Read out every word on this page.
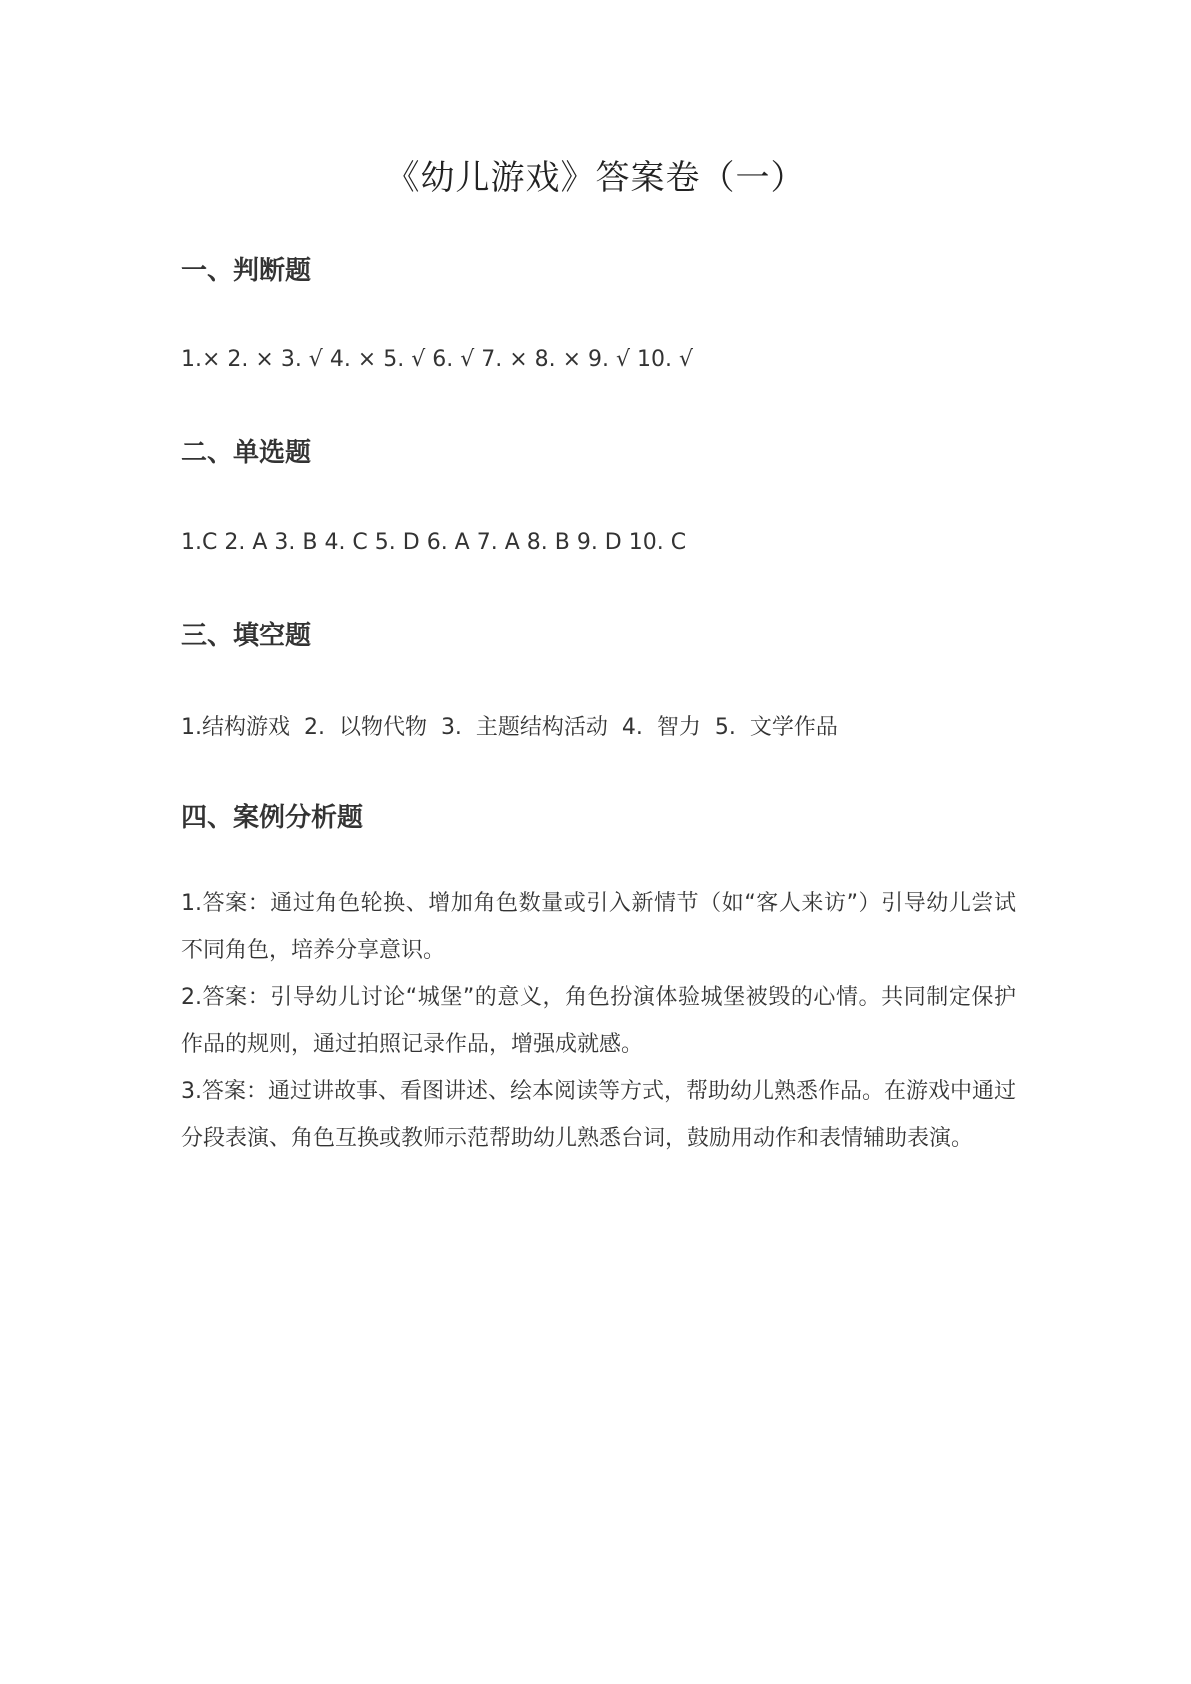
《幼儿游戏》答案卷（一）
一、判断题

1.× 2. × 3. √ 4. × 5. √ 6. √ 7. × 8. × 9. √ 10. √

二、单选题

1.C 2. A 3. B 4. C 5. D 6. A 7. A 8. B 9. D 10. C

三、填空题

1.结构游戏  2.  以物代物  3.  主题结构活动  4.  智力  5.  文学作品

四、案例分析题
1.答案：通过角色轮换、增加角色数量或引入新情节（如“客人来访”）引导幼儿尝试不同角色，培养分享意识。
2.答案：引导幼儿讨论“城堡”的意义，角色扮演体验城堡被毁的心情。共同制定保护作品的规则，通过拍照记录作品，增强成就感。
3.答案：通过讲故事、看图讲述、绘本阅读等方式，帮助幼儿熟悉作品。在游戏中通过分段表演、角色互换或教师示范帮助幼儿熟悉台词，鼓励用动作和表情辅助表演。
